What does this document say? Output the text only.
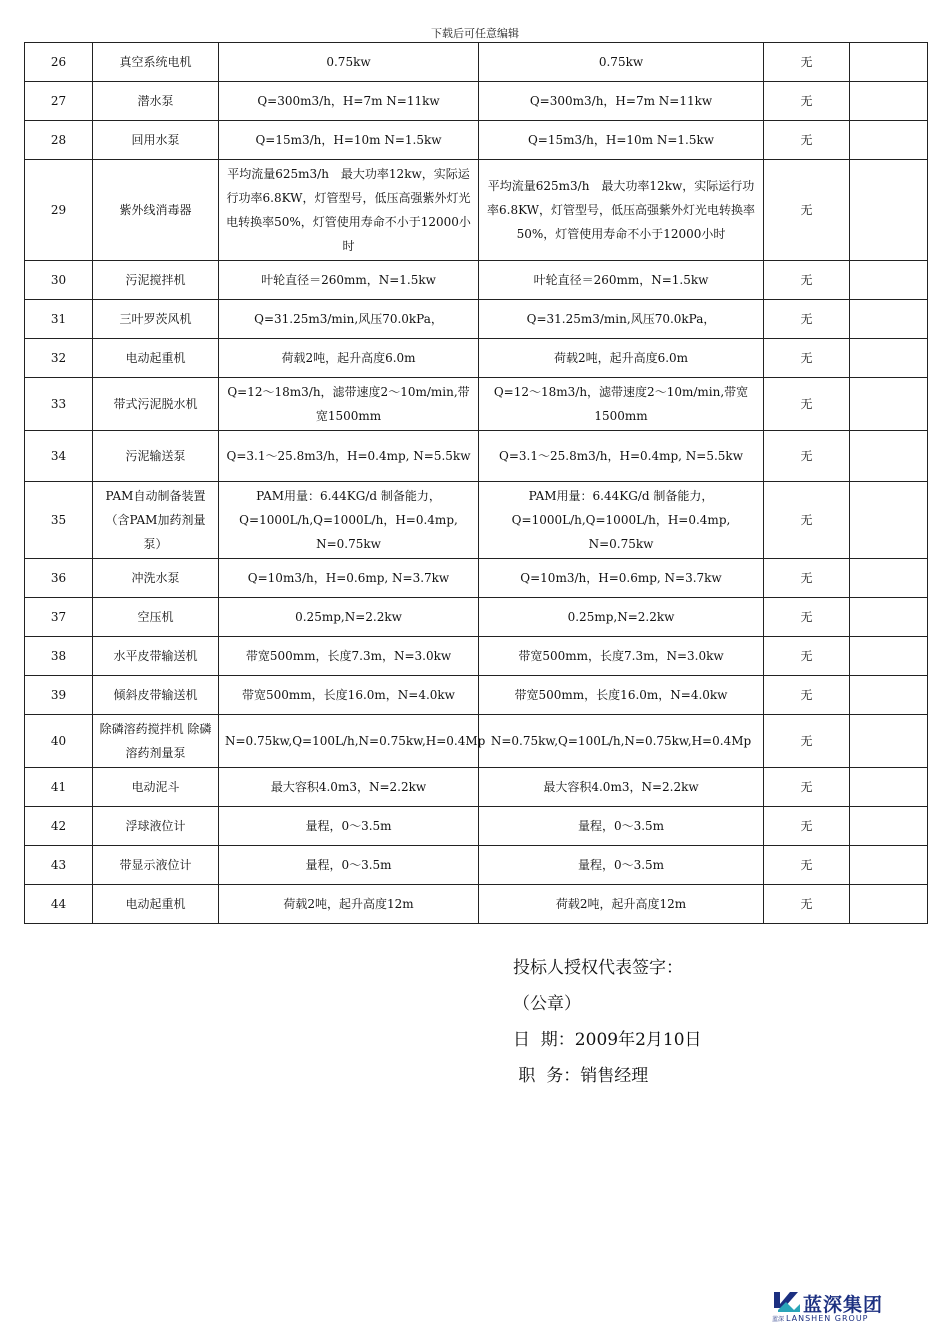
下载后可任意编辑
26	真空系统电机	0.75kw	0.75kw	无	
27	潜水泵	Q=300m3/h，H=7m N=11kw	Q=300m3/h，H=7m N=11kw	无	
28	回用水泵	Q=15m3/h，H=10m N=1.5kw	Q=15m3/h，H=10m N=1.5kw	无	
29	紫外线消毒器	平均流量625m3/h　最大功率12kw，实际运行功率6.8KW，灯管型号，低压高强紫外灯光电转换率50%，灯管使用寿命不小于12000小时	平均流量625m3/h　最大功率12kw，实际运行功率6.8KW，灯管型号，低压高强紫外灯光电转换率50%，灯管使用寿命不小于12000小时	无	
30	污泥搅拌机	叶轮直径＝260mm，N=1.5kw	叶轮直径＝260mm，N=1.5kw	无	
31	三叶罗茨风机	Q=31.25m3/min,风压70.0kPa，	Q=31.25m3/min,风压70.0kPa，	无	
32	电动起重机	荷载2吨，起升高度6.0m	荷载2吨，起升高度6.0m	无	
33	带式污泥脱水机	Q=12～18m3/h，滤带速度2～10m/min,带宽1500mm	Q=12～18m3/h，滤带速度2～10m/min,带宽1500mm	无	
34	污泥输送泵	Q=3.1～25.8m3/h，H=0.4mp, N=5.5kw	Q=3.1～25.8m3/h，H=0.4mp, N=5.5kw	无	
35	PAM自动制备装置（含PAM加药剂量泵）	PAM用量：6.44KG/d 制备能力，Q=1000L/h,Q=1000L/h，H=0.4mp, N=0.75kw	PAM用量：6.44KG/d 制备能力，Q=1000L/h,Q=1000L/h，H=0.4mp, N=0.75kw	无	
36	冲洗水泵	Q=10m3/h，H=0.6mp, N=3.7kw	Q=10m3/h，H=0.6mp, N=3.7kw	无	
37	空压机	0.25mp,N=2.2kw	0.25mp,N=2.2kw	无	
38	水平皮带输送机	带宽500mm，长度7.3m，N=3.0kw	带宽500mm，长度7.3m，N=3.0kw	无	
39	倾斜皮带输送机	带宽500mm，长度16.0m，N=4.0kw	带宽500mm，长度16.0m，N=4.0kw	无	
40	除磷溶药搅拌机 除磷溶药剂量泵	N=0.75kw,Q=100L/h,N=0.75kw,H=0.4Mp	N=0.75kw,Q=100L/h,N=0.75kw,H=0.4Mp	无	
41	电动泥斗	最大容积4.0m3，N=2.2kw	最大容积4.0m3，N=2.2kw	无	
42	浮球液位计	量程，0～3.5m	量程，0～3.5m	无	
43	带显示液位计	量程，0～3.5m	量程，0～3.5m	无	
44	电动起重机	荷载2吨，起升高度12m	荷载2吨，起升高度12m	无	
投标人授权代表签字：
（公章）
日  期：2009年2月10日
职  务：销售经理
蓝深
蓝深集团
LANSHEN GROUP
